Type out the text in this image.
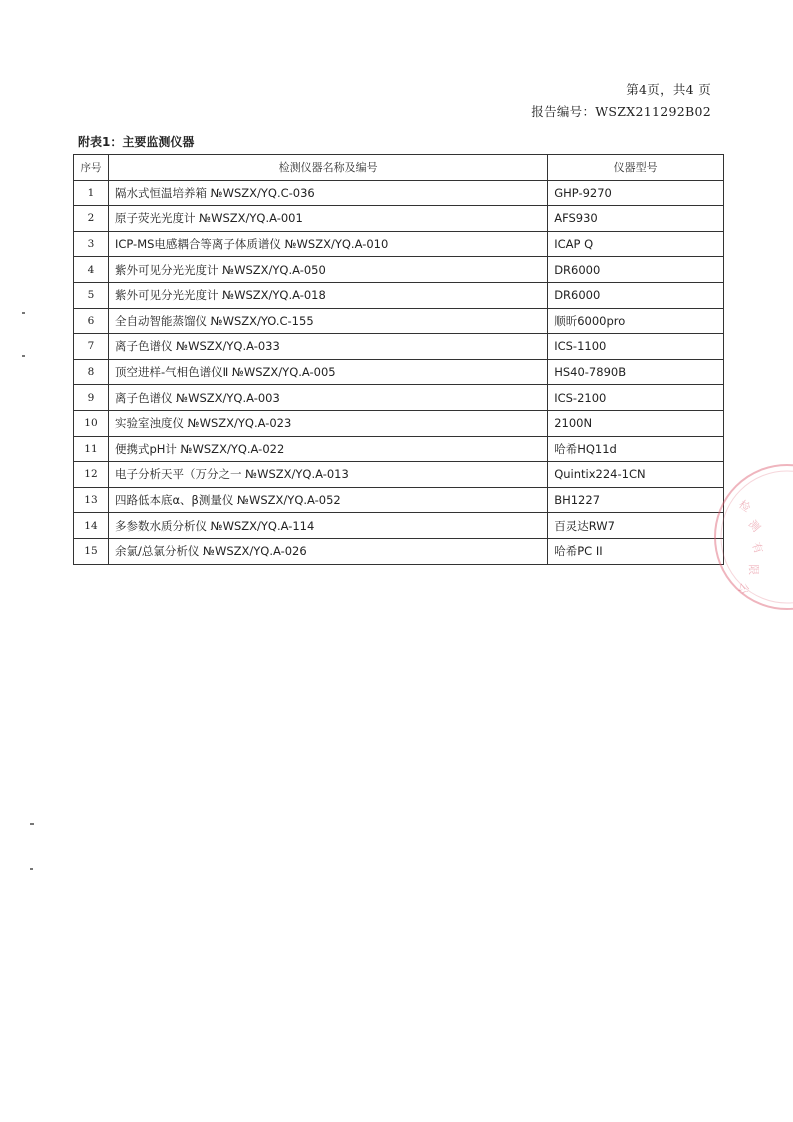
第4页，共4 页
报告编号：WSZX211292B02
附表1：主要监测仪器
序号	检测仪器名称及编号	仪器型号
1	隔水式恒温培养箱 №WSZX/YQ.C-036	GHP-9270
2	原子荧光光度计 №WSZX/YQ.A-001	AFS930
3	ICP-MS电感耦合等离子体质谱仪 №WSZX/YQ.A-010	ICAP Q
4	紫外可见分光光度计 №WSZX/YQ.A-050	DR6000
5	紫外可见分光光度计 №WSZX/YQ.A-018	DR6000
6	全自动智能蒸馏仪 №WSZX/YO.C-155	顺昕6000pro
7	离子色谱仪 №WSZX/YQ.A-033	ICS-1100
8	顶空进样-气相色谱仪Ⅱ №WSZX/YQ.A-005	HS40-7890B
9	离子色谱仪 №WSZX/YQ.A-003	ICS-2100
10	实验室浊度仪 №WSZX/YQ.A-023	2100N
11	便携式pH计 №WSZX/YQ.A-022	哈希HQ11d
12	电子分析天平（万分之一 №WSZX/YQ.A-013	Quintix224-1CN
13	四路低本底α、β测量仪 №WSZX/YQ.A-052	BH1227
14	多参数水质分析仪 №WSZX/YQ.A-114	百灵达RW7
15	余氯/总氯分析仪 №WSZX/YQ.A-026	哈希PC II
检
测
有
限
公
